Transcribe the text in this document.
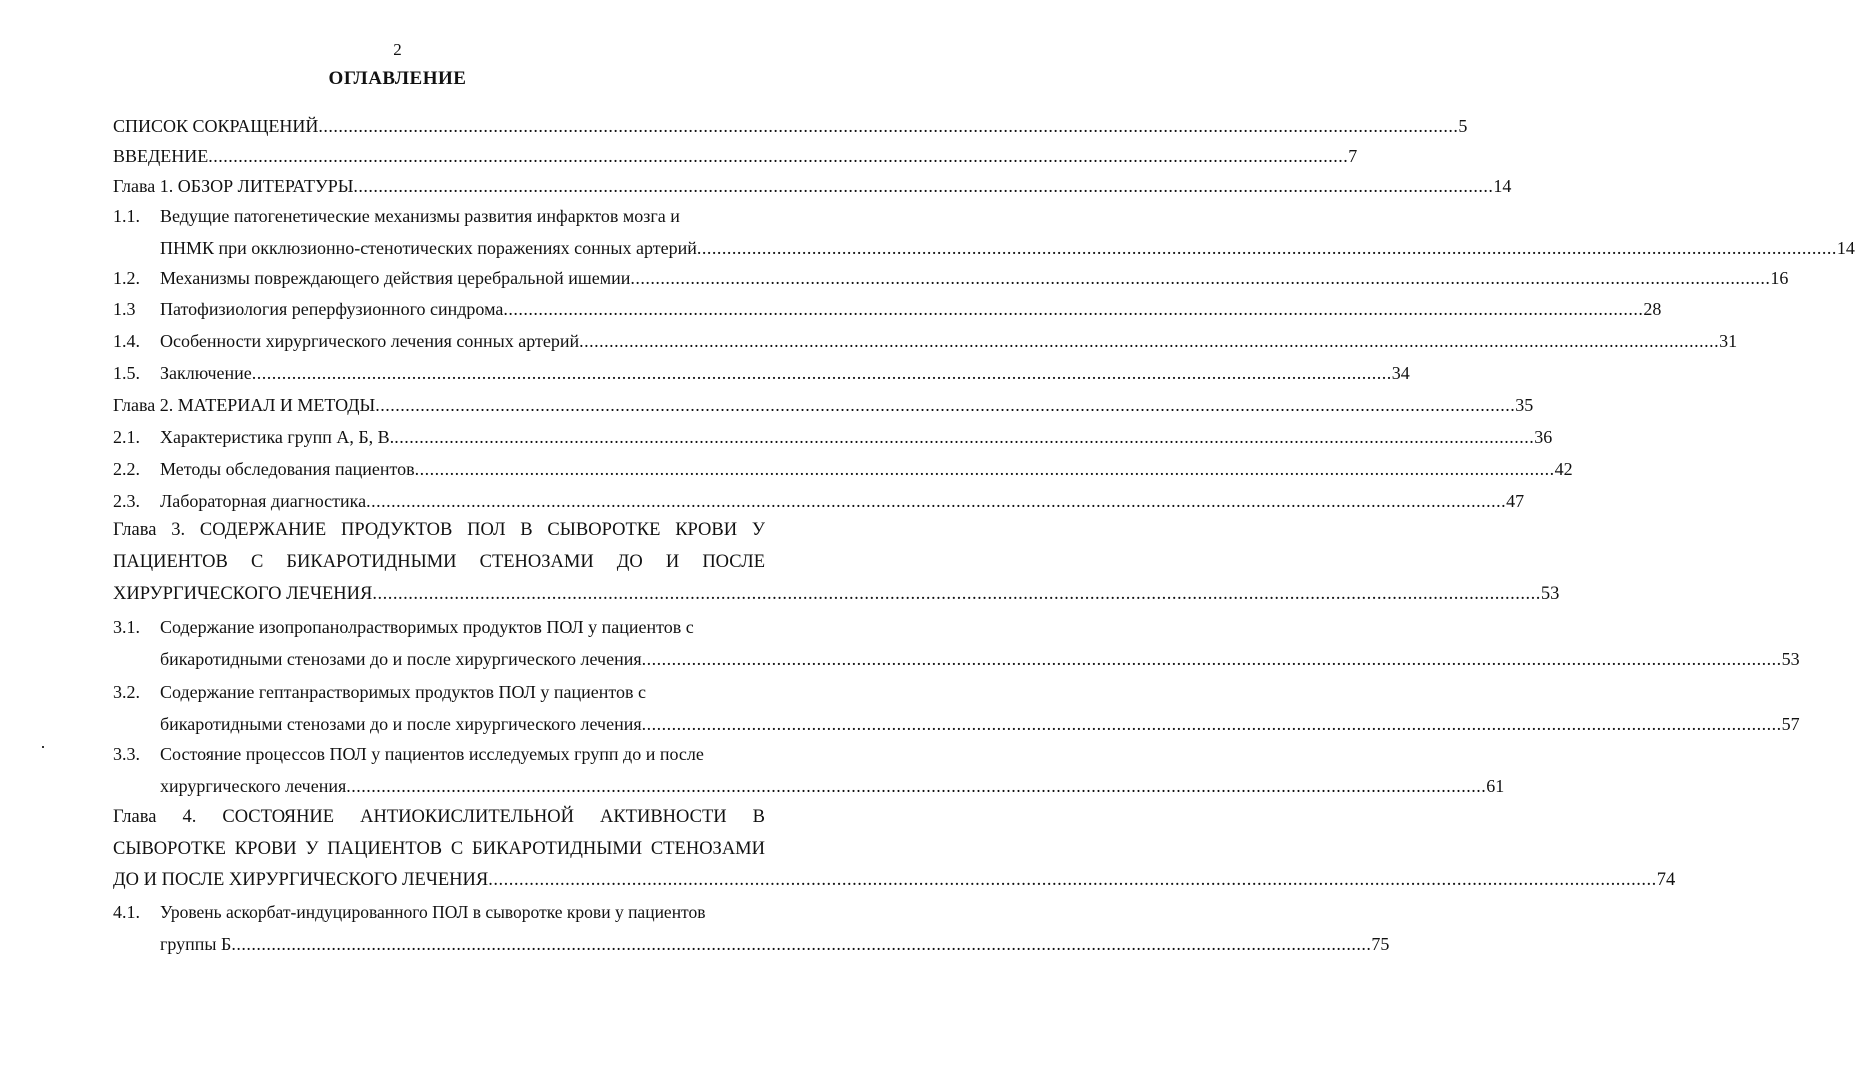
2
ОГЛАВЛЕНИЕ
СПИСОК СОКРАЩЕНИЙ .....	5
ВВЕДЕНИЕ .....	7
Глава 1. ОБЗОР ЛИТЕРАТУРЫ .....	14
1.1. Ведущие патогенетические механизмы развития инфарктов мозга и
ПНМК при окклюзионно-стенотических поражениях сонных артерий .....	14
1.2. Механизмы повреждающего действия церебральной ишемии .....	16
1.3 Патофизиология реперфузионного синдрома .....	28
1.4. Особенности хирургического лечения сонных артерий .....	31
1.5. Заключение .....	34
Глава 2. МАТЕРИАЛ И МЕТОДЫ .....	35
2.1. Характеристика групп А, Б, В. .....	36
2.2. Методы обследования пациентов .....	42
2.3. Лабораторная диагностика .....	47
Глава 3. СОДЕРЖАНИЕ ПРОДУКТОВ ПОЛ В СЫВОРОТКЕ КРОВИ У
ПАЦИЕНТОВ С БИКАРОТИДНЫМИ СТЕНОЗАМИ ДО И ПОСЛЕ
ХИРУРГИЧЕСКОГО ЛЕЧЕНИЯ .....	53
3.1. Содержание изопропанолрастворимых продуктов ПОЛ у пациентов с
бикаротидными стенозами до и после хирургического лечения .....	53
3.2. Содержание гептанрастворимых продуктов ПОЛ у пациентов с
бикаротидными стенозами до и после хирургического лечения .....	57
3.3. Состояние процессов ПОЛ у пациентов исследуемых групп до и после
хирургического лечения .....	61
Глава 4. СОСТОЯНИЕ АНТИОКИСЛИТЕЛЬНОЙ АКТИВНОСТИ В
СЫВОРОТКЕ КРОВИ У ПАЦИЕНТОВ С БИКАРОТИДНЫМИ СТЕНОЗАМИ
ДО И ПОСЛЕ ХИРУРГИЧЕСКОГО ЛЕЧЕНИЯ .....	74
4.1. Уровень аскорбат-индуцированного ПОЛ в сыворотке крови у пациентов
группы Б .....	75
